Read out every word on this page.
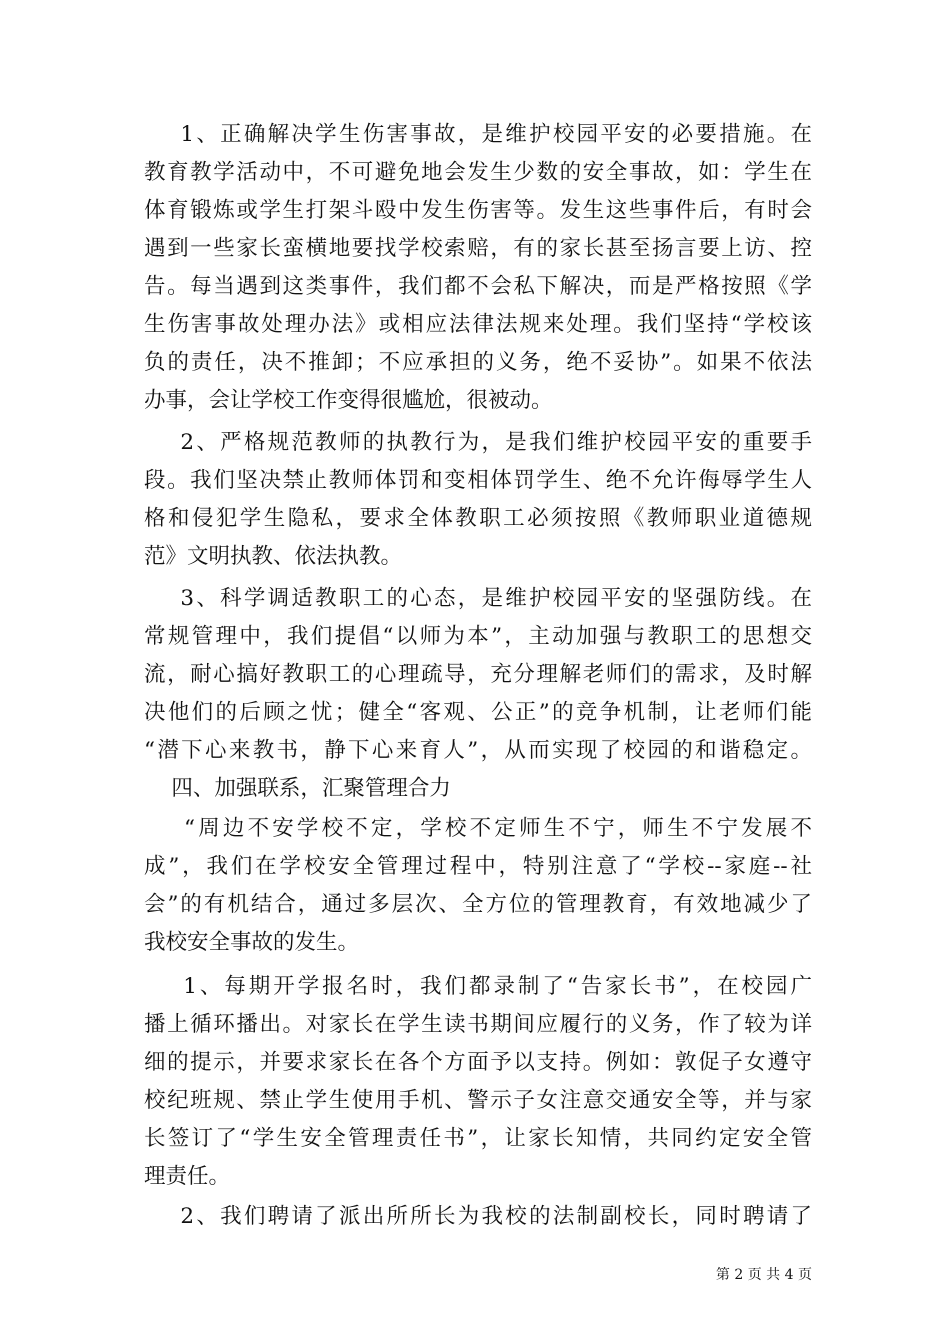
1、正确解决学生伤害事故，是维护校园平安的必要措施。在
教育教学活动中，不可避免地会发生少数的安全事故，如：学生在
体育锻炼或学生打架斗殴中发生伤害等。发生这些事件后，有时会
遇到一些家长蛮横地要找学校索赔，有的家长甚至扬言要上访、控
告。每当遇到这类事件，我们都不会私下解决，而是严格按照《学
生伤害事故处理办法》或相应法律法规来处理。我们坚持“学校该
负的责任，决不推卸；不应承担的义务，绝不妥协”。如果不依法
办事，会让学校工作变得很尴尬，很被动。
2、严格规范教师的执教行为，是我们维护校园平安的重要手
段。我们坚决禁止教师体罚和变相体罚学生、绝不允许侮辱学生人
格和侵犯学生隐私，要求全体教职工必须按照《教师职业道德规
范》文明执教、依法执教。
3、科学调适教职工的心态，是维护校园平安的坚强防线。在
常规管理中，我们提倡“以师为本”，主动加强与教职工的思想交
流，耐心搞好教职工的心理疏导，充分理解老师们的需求，及时解
决他们的后顾之忧；健全“客观、公正”的竞争机制，让老师们能
“潜下心来教书，静下心来育人”，从而实现了校园的和谐稳定。
四、加强联系，汇聚管理合力
“周边不安学校不定，学校不定师生不宁，师生不宁发展不
成”，我们在学校安全管理过程中，特别注意了“学校--家庭--社
会”的有机结合，通过多层次、全方位的管理教育，有效地减少了
我校安全事故的发生。
1、每期开学报名时，我们都录制了“告家长书”，在校园广
播上循环播出。对家长在学生读书期间应履行的义务，作了较为详
细的提示，并要求家长在各个方面予以支持。例如：敦促子女遵守
校纪班规、禁止学生使用手机、警示子女注意交通安全等，并与家
长签订了“学生安全管理责任书”，让家长知情，共同约定安全管
理责任。
2、我们聘请了派出所所长为我校的法制副校长，同时聘请了
第 2 页 共 4 页
